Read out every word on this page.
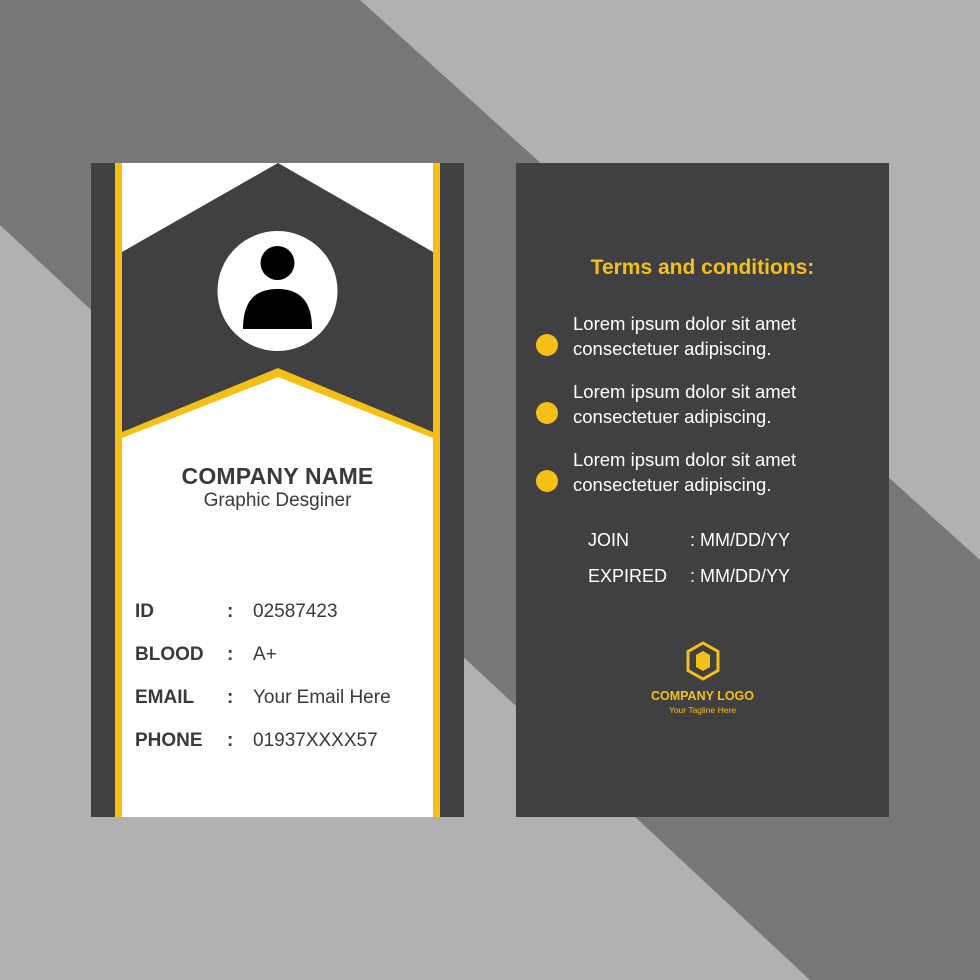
COMPANY NAME
Graphic Desginer
ID	: 02587423
BLOOD : A+
EMAIL : Your Email Here
PHONE : 01937XXXX57
Terms and conditions:
Lorem ipsum dolor sit amet
consectetuer adipiscing.
Lorem ipsum dolor sit amet
consectetuer adipiscing.
Lorem ipsum dolor sit amet
consectetuer adipiscing.
JOIN	: MM/DD/YY
EXPIRED : MM/DD/YY
COMPANY LOGO
Your Tagline Here
